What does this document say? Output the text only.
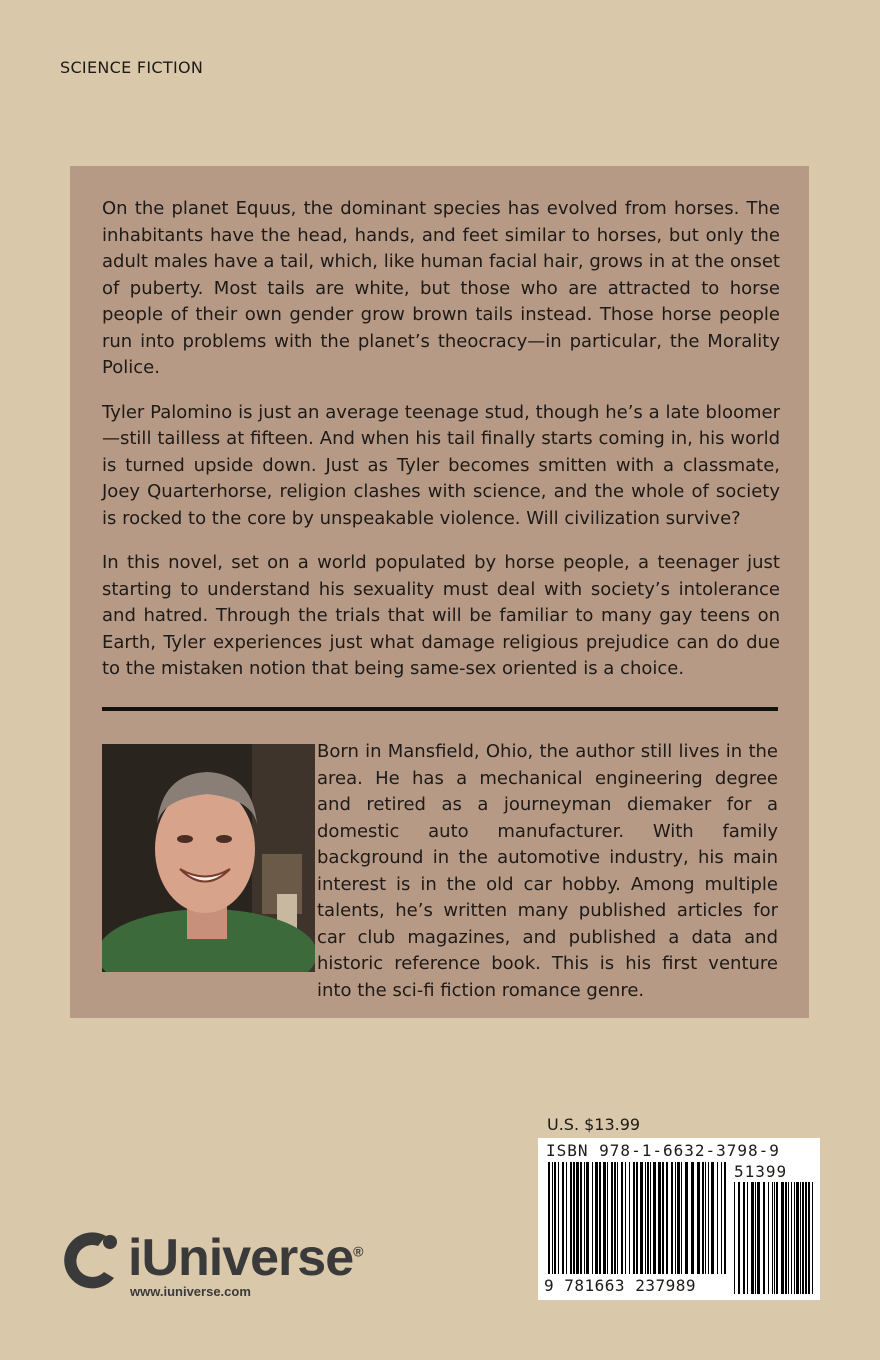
SCIENCE FICTION

On the planet Equus, the dominant species has evolved from horses. The inhabitants have the head, hands, and feet similar to horses, but only the adult males have a tail, which, like human facial hair, grows in at the onset of puberty. Most tails are white, but those who are attracted to horse people of their own gender grow brown tails instead. Those horse people run into problems with the planet’s theocracy—in particular, the Morality Police.

Tyler Palomino is just an average teenage stud, though he’s a late bloomer—still tailless at fifteen. And when his tail finally starts coming in, his world is turned upside down. Just as Tyler becomes smitten with a classmate, Joey Quarterhorse, religion clashes with science, and the whole of society is rocked to the core by unspeakable violence. Will civilization survive?

In this novel, set on a world populated by horse people, a teenager just starting to understand his sexuality must deal with society’s intolerance and hatred. Through the trials that will be familiar to many gay teens on Earth, Tyler experiences just what damage religious prejudice can do due to the mistaken notion that being same-sex oriented is a choice.

Born in Mansfield, Ohio, the author still lives in the area. He has a mechanical engineering degree and retired as a journeyman diemaker for a domestic auto manufacturer. With family background in the automotive industry, his main interest is in the old car hobby. Among multiple talents, he’s written many published articles for car club magazines, and published a data and historic reference book. This is his first venture into the sci-fi fiction romance genre.
U.S. $13.99
ISBN 978-1-6632-3798-9
51399
9 781663 237989
iUniverse®
www.iuniverse.com
